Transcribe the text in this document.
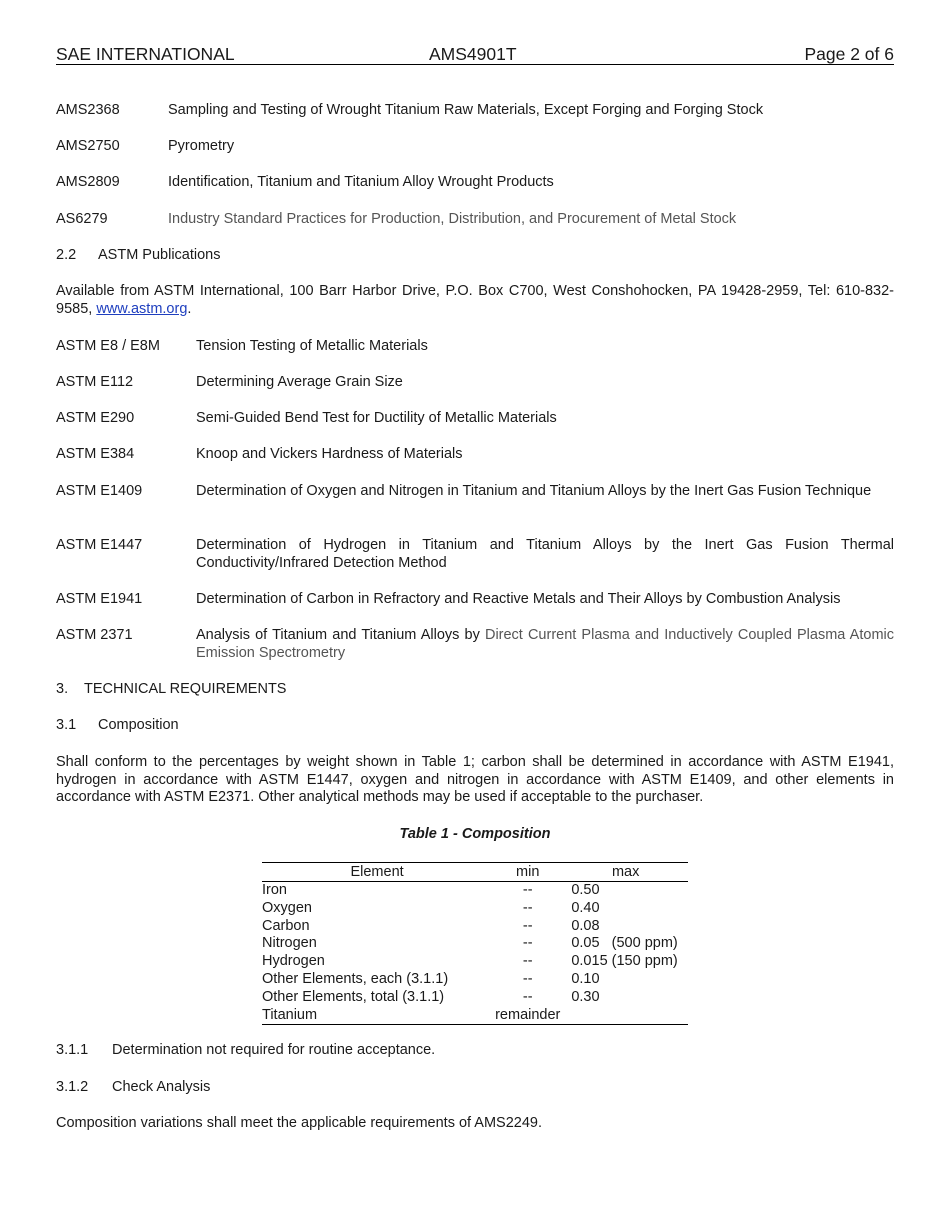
SAE INTERNATIONAL	AMS4901T	Page 2 of 6
AMS2368	Sampling and Testing of Wrought Titanium Raw Materials, Except Forging and Forging Stock
AMS2750	Pyrometry
AMS2809	Identification, Titanium and Titanium Alloy Wrought Products
AS6279	Industry Standard Practices for Production, Distribution, and Procurement of Metal Stock
2.2 ASTM Publications
Available from ASTM International, 100 Barr Harbor Drive, P.O. Box C700, West Conshohocken, PA 19428-2959, Tel: 610-832-9585, www.astm.org.
ASTM E8 / E8M Tension Testing of Metallic Materials
ASTM E112	Determining Average Grain Size
ASTM E290	Semi-Guided Bend Test for Ductility of Metallic Materials
ASTM E384	Knoop and Vickers Hardness of Materials
ASTM E1409	Determination of Oxygen and Nitrogen in Titanium and Titanium Alloys by the Inert Gas Fusion Technique
ASTM E1447	Determination of Hydrogen in Titanium and Titanium Alloys by the Inert Gas Fusion Thermal Conductivity/Infrared Detection Method
ASTM E1941	Determination of Carbon in Refractory and Reactive Metals and Their Alloys by Combustion Analysis
ASTM 2371	Analysis of Titanium and Titanium Alloys by Direct Current Plasma and Inductively Coupled Plasma Atomic Emission Spectrometry
3. TECHNICAL REQUIREMENTS
3.1 Composition
Shall conform to the percentages by weight shown in Table 1; carbon shall be determined in accordance with ASTM E1941, hydrogen in accordance with ASTM E1447, oxygen and nitrogen in accordance with ASTM E1409, and other elements in accordance with ASTM E2371. Other analytical methods may be used if acceptable to the purchaser.
Table 1 - Composition
Element	min	max
Iron	--	0.50
Oxygen	--	0.40
Carbon	--	0.08
Nitrogen	--	0.05   (500 ppm)
Hydrogen	--	0.015 (150 ppm)
Other Elements, each (3.1.1)	--	0.10
Other Elements, total (3.1.1)	--	0.30
Titanium	remainder	
3.1.1 Determination not required for routine acceptance.
3.1.2 Check Analysis
Composition variations shall meet the applicable requirements of AMS2249.
